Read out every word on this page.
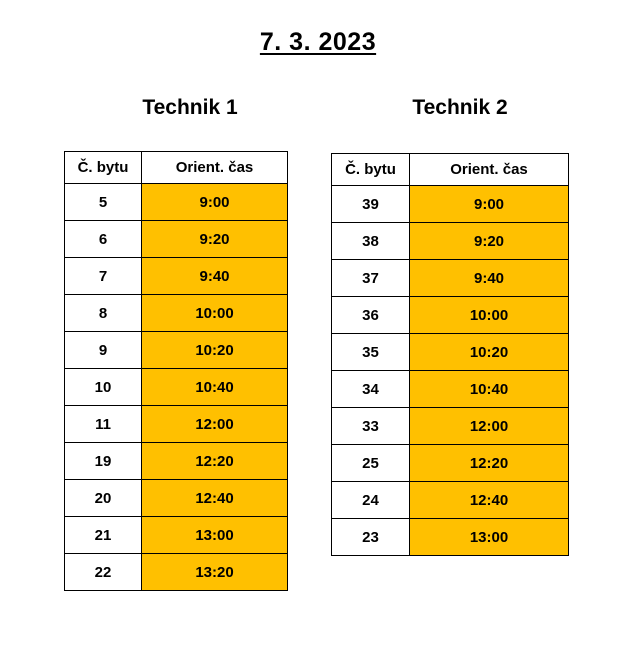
7. 3. 2023
Technik 1	Technik 2
Č. bytu	Orient. čas
5	9:00
6	9:20
7	9:40
8	10:00
9	10:20
10	10:40
11	12:00
19	12:20
20	12:40
21	13:00
22	13:20
Č. bytu	Orient. čas
39	9:00
38	9:20
37	9:40
36	10:00
35	10:20
34	10:40
33	12:00
25	12:20
24	12:40
23	13:00
